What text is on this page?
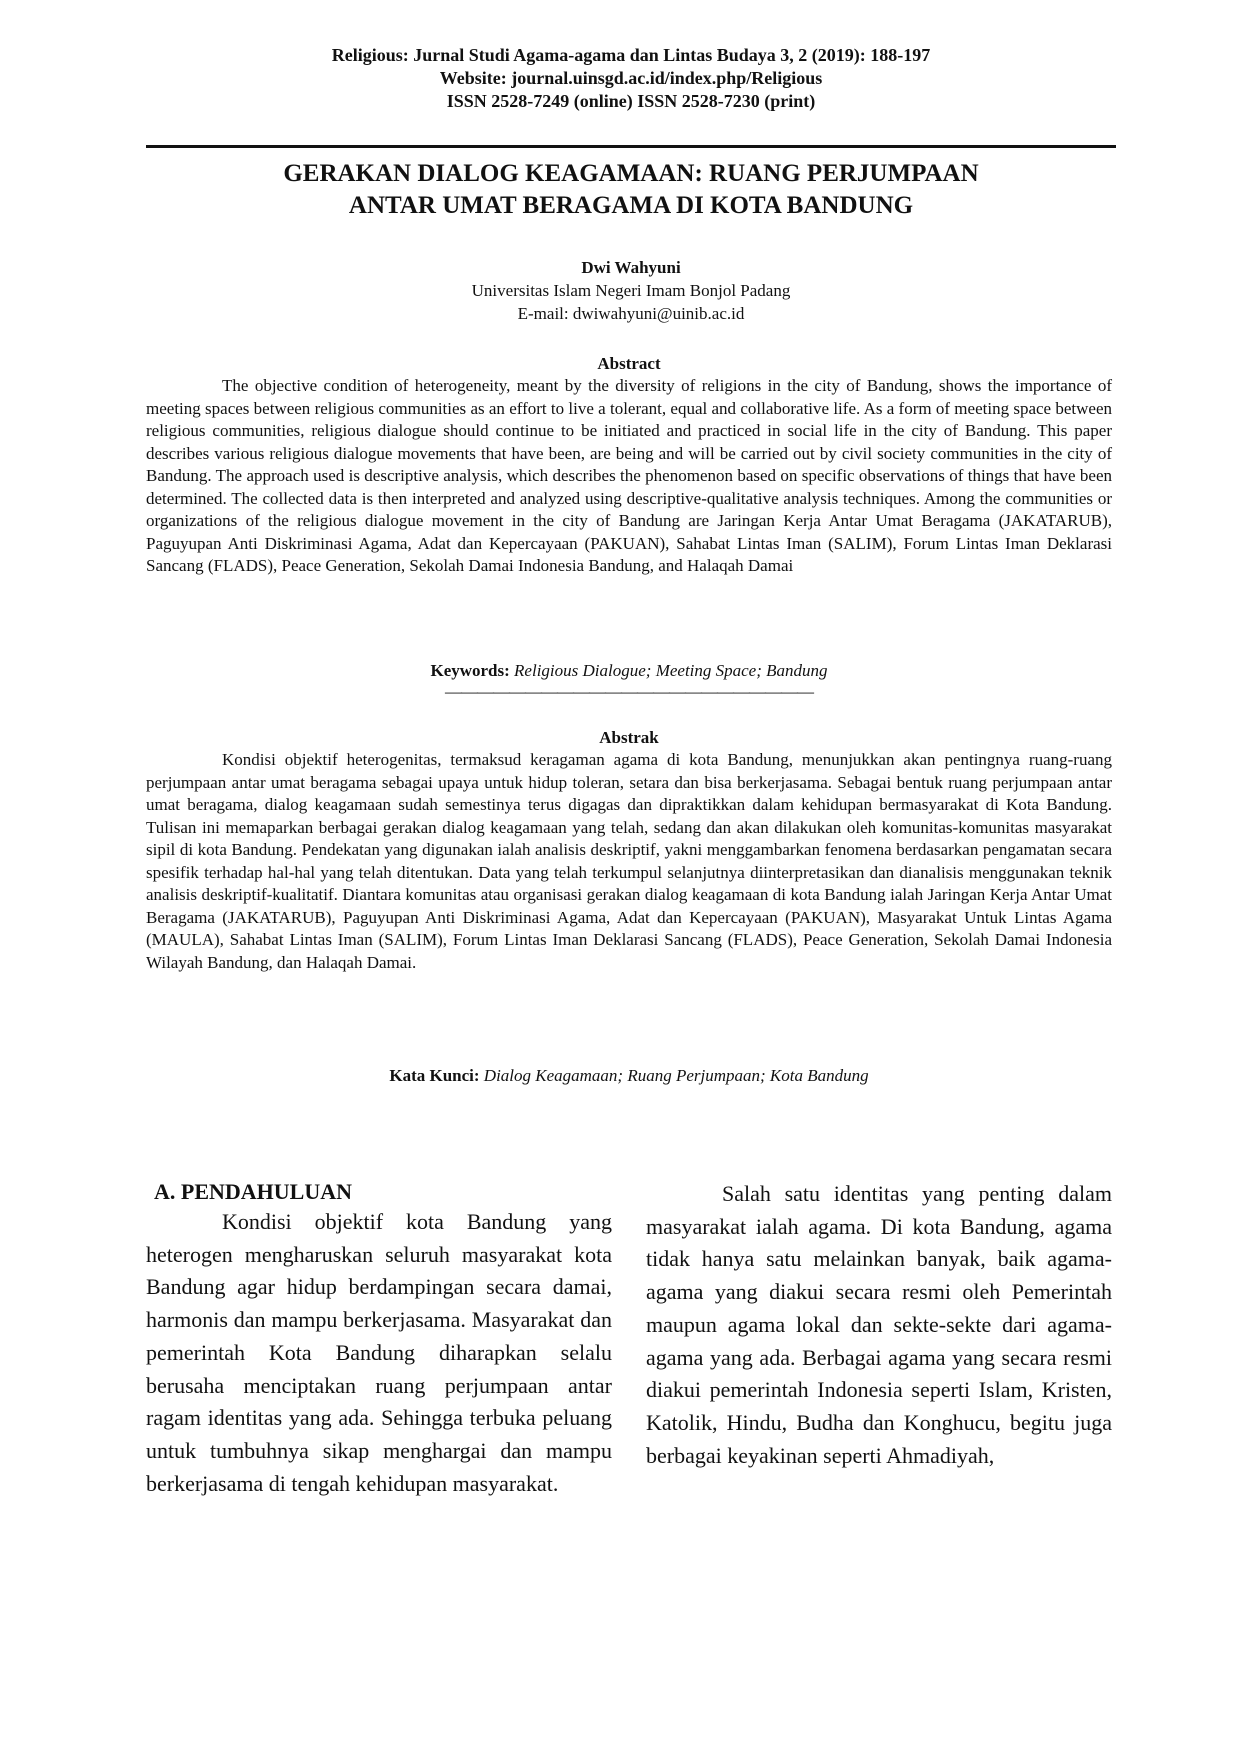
Religious: Jurnal Studi Agama-agama dan Lintas Budaya 3, 2 (2019): 188-197
Website: journal.uinsgd.ac.id/index.php/Religious
ISSN 2528-7249 (online) ISSN 2528-7230 (print)
GERAKAN DIALOG KEAGAMAAN: RUANG PERJUMPAAN
ANTAR UMAT BERAGAMA DI KOTA BANDUNG
Dwi Wahyuni
Universitas Islam Negeri Imam Bonjol Padang
E-mail: dwiwahyuni@uinib.ac.id
Abstract

The objective condition of heterogeneity, meant by the diversity of religions in the city of Bandung, shows the importance of meeting spaces between religious communities as an effort to live a tolerant, equal and collaborative life. As a form of meeting space between religious communities, religious dialogue should continue to be initiated and practiced in social life in the city of Bandung. This paper describes various religious dialogue movements that have been, are being and will be carried out by civil society communities in the city of Bandung. The approach used is descriptive analysis, which describes the phenomenon based on specific observations of things that have been determined. The collected data is then interpreted and analyzed using descriptive-qualitative analysis techniques. Among the communities or organizations of the religious dialogue movement in the city of Bandung are Jaringan Kerja Antar Umat Beragama (JAKATARUB), Paguyupan Anti Diskriminasi Agama, Adat dan Kepercayaan (PAKUAN), Sahabat Lintas Iman (SALIM), Forum Lintas Iman Deklarasi Sancang (FLADS), Peace Generation, Sekolah Damai Indonesia Bandung, and Halaqah Damai

Keywords: Religious Dialogue; Meeting Space; Bandung
———————————————————————
Abstrak

Kondisi objektif heterogenitas, termaksud keragaman agama di kota Bandung, menunjukkan akan pentingnya ruang-ruang perjumpaan antar umat beragama sebagai upaya untuk hidup toleran, setara dan bisa berkerjasama. Sebagai bentuk ruang perjumpaan antar umat beragama, dialog keagamaan sudah semestinya terus digagas dan dipraktikkan dalam kehidupan bermasyarakat di Kota Bandung. Tulisan ini memaparkan berbagai gerakan dialog keagamaan yang telah, sedang dan akan dilakukan oleh komunitas-komunitas masyarakat sipil di kota Bandung. Pendekatan yang digunakan ialah analisis deskriptif, yakni menggambarkan fenomena berdasarkan pengamatan secara spesifik terhadap hal-hal yang telah ditentukan. Data yang telah terkumpul selanjutnya diinterpretasikan dan dianalisis menggunakan teknik analisis deskriptif-kualitatif. Diantara komunitas atau organisasi gerakan dialog keagamaan di kota Bandung ialah Jaringan Kerja Antar Umat Beragama (JAKATARUB), Paguyupan Anti Diskriminasi Agama, Adat dan Kepercayaan (PAKUAN), Masyarakat Untuk Lintas Agama (MAULA), Sahabat Lintas Iman (SALIM), Forum Lintas Iman Deklarasi Sancang (FLADS), Peace Generation, Sekolah Damai Indonesia Wilayah Bandung, dan Halaqah Damai.

Kata Kunci: Dialog Keagamaan; Ruang Perjumpaan; Kota Bandung
A. PENDAHULUAN

Kondisi objektif kota Bandung yang heterogen mengharuskan seluruh masyarakat kota Bandung agar hidup berdampingan secara damai, harmonis dan mampu berkerjasama. Masyarakat dan pemerintah Kota Bandung diharapkan selalu berusaha menciptakan ruang perjumpaan antar ragam identitas yang ada. Sehingga terbuka peluang untuk tumbuhnya sikap menghargai dan mampu berkerjasama di tengah kehidupan masyarakat.

Salah satu identitas yang penting dalam masyarakat ialah agama. Di kota Bandung, agama tidak hanya satu melainkan banyak, baik agama-agama yang diakui secara resmi oleh Pemerintah maupun agama lokal dan sekte-sekte dari agama-agama yang ada. Berbagai agama yang secara resmi diakui pemerintah Indonesia seperti Islam, Kristen, Katolik, Hindu, Budha dan Konghucu, begitu juga berbagai keyakinan seperti Ahmadiyah,
